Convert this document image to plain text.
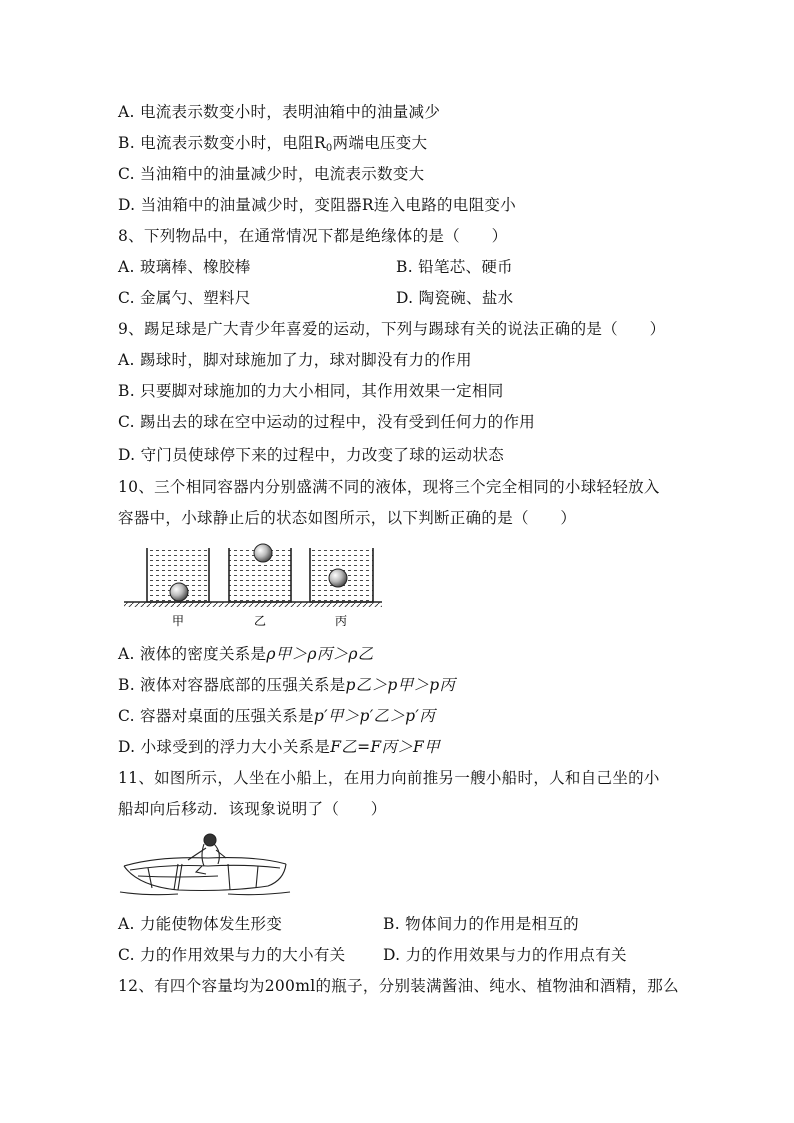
A. 电流表示数变小时，表明油箱中的油量减少
B. 电流表示数变小时，电阻$R_0$两端电压变大
C. 当油箱中的油量减少时，电流表示数变大
D. 当油箱中的油量减少时，变阻器R连入电路的电阻变小
8、下列物品中，在通常情况下都是绝缘体的是（　　）
A. 玻璃棒、橡胶棒	B. 铅笔芯、硬币
C. 金属勺、塑料尺	D. 陶瓷碗、盐水
9、踢足球是广大青少年喜爱的运动，下列与踢球有关的说法正确的是（　　）
A. 踢球时，脚对球施加了力，球对脚没有力的作用
B. 只要脚对球施加的力大小相同，其作用效果一定相同
C. 踢出去的球在空中运动的过程中，没有受到任何力的作用
D. 守门员使球停下来的过程中，力改变了球的运动状态
10、三个相同容器内分别盛满不同的液体，现将三个完全相同的小球轻轻放入
容器中，小球静止后的状态如图所示，以下判断正确的是（　　）
甲	乙	丙
A. 液体的密度关系是ρ甲＞ρ丙＞ρ乙
B. 液体对容器底部的压强关系是p乙＞p甲＞p丙
C. 容器对桌面的压强关系是p′甲＞p′乙＞p′丙
D. 小球受到的浮力大小关系是F乙=F丙＞F甲
11、如图所示，人坐在小船上，在用力向前推另一艘小船时，人和自己坐的小
船却向后移动．该现象说明了（　　）
A. 力能使物体发生形变	B. 物体间力的作用是相互的
C. 力的作用效果与力的大小有关 D. 力的作用效果与力的作用点有关
12、有四个容量均为200ml的瓶子，分别装满酱油、纯水、植物油和酒精，那么
